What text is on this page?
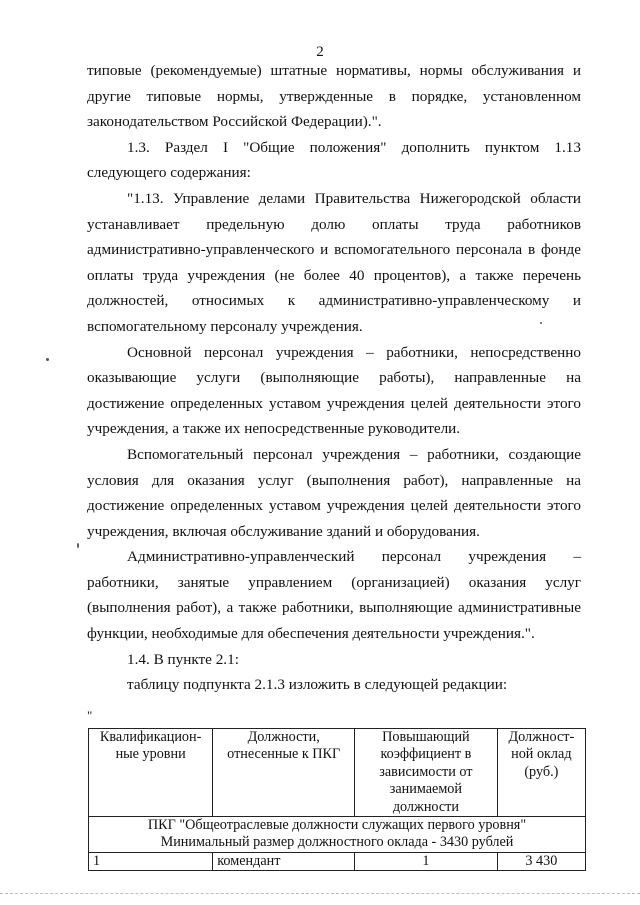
2
типовые (рекомендуемые) штатные нормативы, нормы обслуживания и
другие типовые нормы, утвержденные в порядке, установленном
законодательством Российской Федерации).".
1.3. Раздел I "Общие положения" дополнить пунктом 1.13
следующего содержания:
"1.13. Управление делами Правительства Нижегородской области
устанавливает предельную долю оплаты труда работников
административно-управленческого и вспомогательного персонала в фонде
оплаты труда учреждения (не более 40 процентов), а также перечень
должностей, относимых к административно-управленческому и
вспомогательному персоналу учреждения.
Основной персонал учреждения – работники, непосредственно
оказывающие услуги (выполняющие работы), направленные на
достижение определенных уставом учреждения целей деятельности этого
учреждения, а также их непосредственные руководители.
Вспомогательный персонал учреждения – работники, создающие
условия для оказания услуг (выполнения работ), направленные на
достижение определенных уставом учреждения целей деятельности этого
учреждения, включая обслуживание зданий и оборудования.
Административно-управленческий персонал учреждения –
работники, занятые управлением (организацией) оказания услуг
(выполнения работ), а также работники, выполняющие административные
функции, необходимые для обеспечения деятельности учреждения.".
1.4. В пункте 2.1:
таблицу подпункта 2.1.3 изложить в следующей редакции:
"
Квалификацион-ные уровни	Должности, отнесенные к ПКГ	Повышающий коэффициент в зависимости от занимаемой должности	Должност-ной оклад (руб.)

ПКГ "Общеотраслевые должности служащих первого уровня"
Минимальный размер должностного оклада - 3430 рублей			

1	комендант	1	3 430
